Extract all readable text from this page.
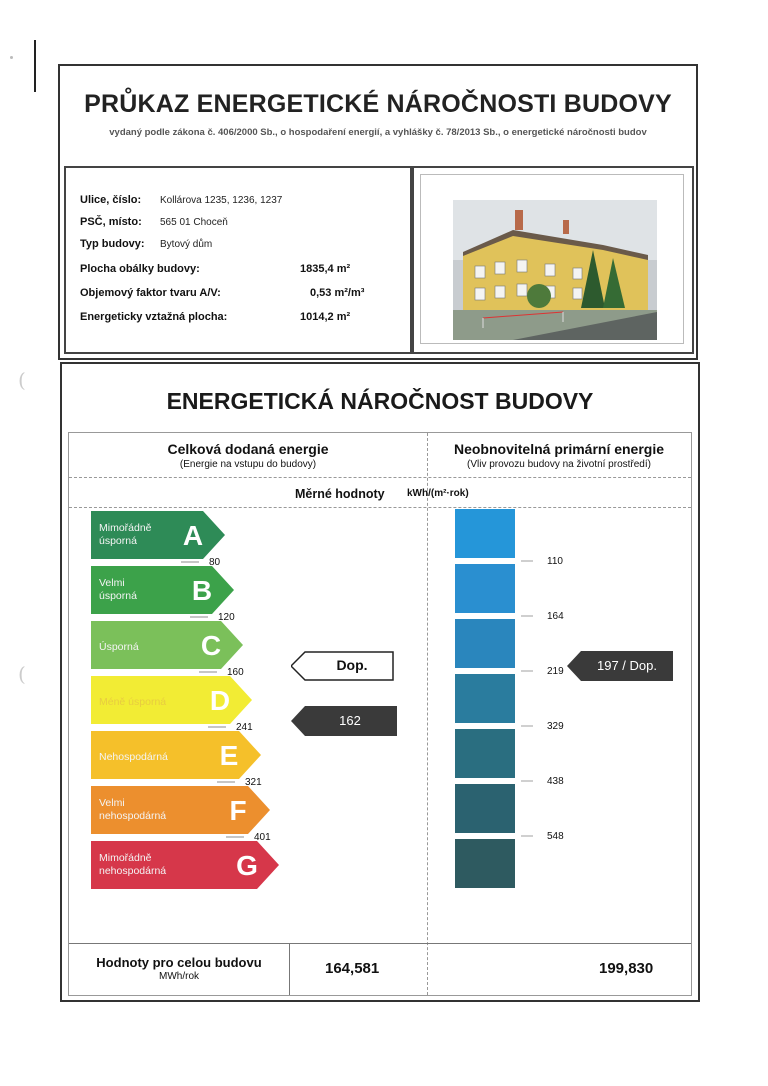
(
(
PRŮKAZ ENERGETICKÉ NÁROČNOSTI BUDOVY
vydaný podle zákona č. 406/2000 Sb., o hospodaření energií, a vyhlášky č. 78/2013 Sb., o energetické náročnosti budov
Ulice, číslo: Kollárova 1235, 1236, 1237
PSČ, místo: 565 01 Choceň
Typ budovy: Bytový dům
Plocha obálky budovy:	1835,4 m²
Objemový faktor tvaru A/V:	0,53 m²/m³
Energeticky vztažná plocha:	1014,2 m²
ENERGETICKÁ NÁROČNOST BUDOVY
Celková dodaná energie
(Energie na vstupu do budovy)
Neobnovitelná primární energie
(Vliv provozu budovy na životní prostředí)
Měrné hodnoty kWh/(m²·rok)
Mimořádně
úsporná A
80
Velmi
úsporná B
120
Úsporná C
160
Méně úsporná D
241
Nehospodárná E
321
Velmi
nehospodárná F
401
Mimořádně
nehospodárná G
110
164
219
329
438
548
Dop.
162
197 / Dop.
Hodnoty pro celou budovu
MWh/rok	164,581	199,830
